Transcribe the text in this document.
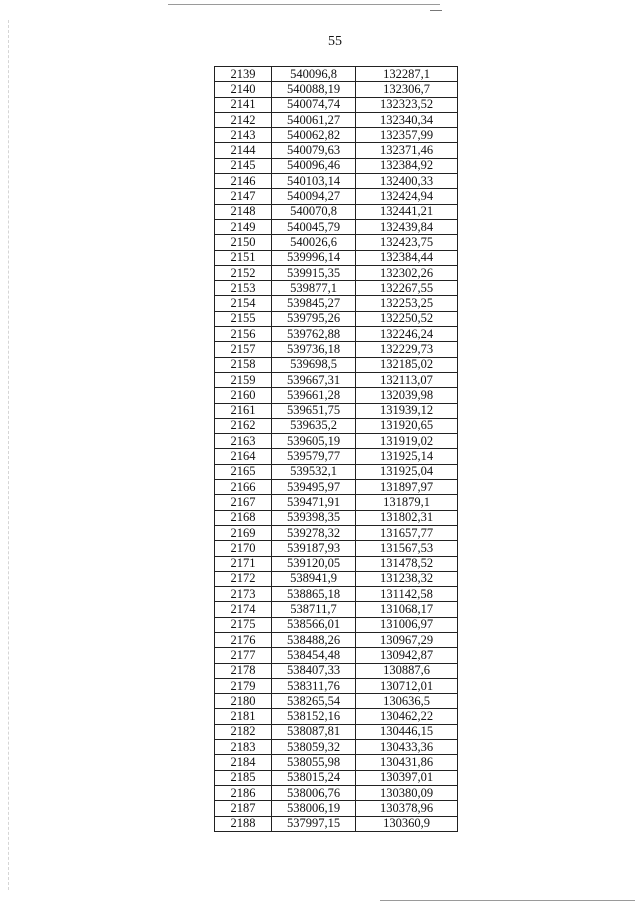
55
2139	540096,8	132287,1
2140	540088,19	132306,7
2141	540074,74	132323,52
2142	540061,27	132340,34
2143	540062,82	132357,99
2144	540079,63	132371,46
2145	540096,46	132384,92
2146	540103,14	132400,33
2147	540094,27	132424,94
2148	540070,8	132441,21
2149	540045,79	132439,84
2150	540026,6	132423,75
2151	539996,14	132384,44
2152	539915,35	132302,26
2153	539877,1	132267,55
2154	539845,27	132253,25
2155	539795,26	132250,52
2156	539762,88	132246,24
2157	539736,18	132229,73
2158	539698,5	132185,02
2159	539667,31	132113,07
2160	539661,28	132039,98
2161	539651,75	131939,12
2162	539635,2	131920,65
2163	539605,19	131919,02
2164	539579,77	131925,14
2165	539532,1	131925,04
2166	539495,97	131897,97
2167	539471,91	131879,1
2168	539398,35	131802,31
2169	539278,32	131657,77
2170	539187,93	131567,53
2171	539120,05	131478,52
2172	538941,9	131238,32
2173	538865,18	131142,58
2174	538711,7	131068,17
2175	538566,01	131006,97
2176	538488,26	130967,29
2177	538454,48	130942,87
2178	538407,33	130887,6
2179	538311,76	130712,01
2180	538265,54	130636,5
2181	538152,16	130462,22
2182	538087,81	130446,15
2183	538059,32	130433,36
2184	538055,98	130431,86
2185	538015,24	130397,01
2186	538006,76	130380,09
2187	538006,19	130378,96
2188	537997,15	130360,9
